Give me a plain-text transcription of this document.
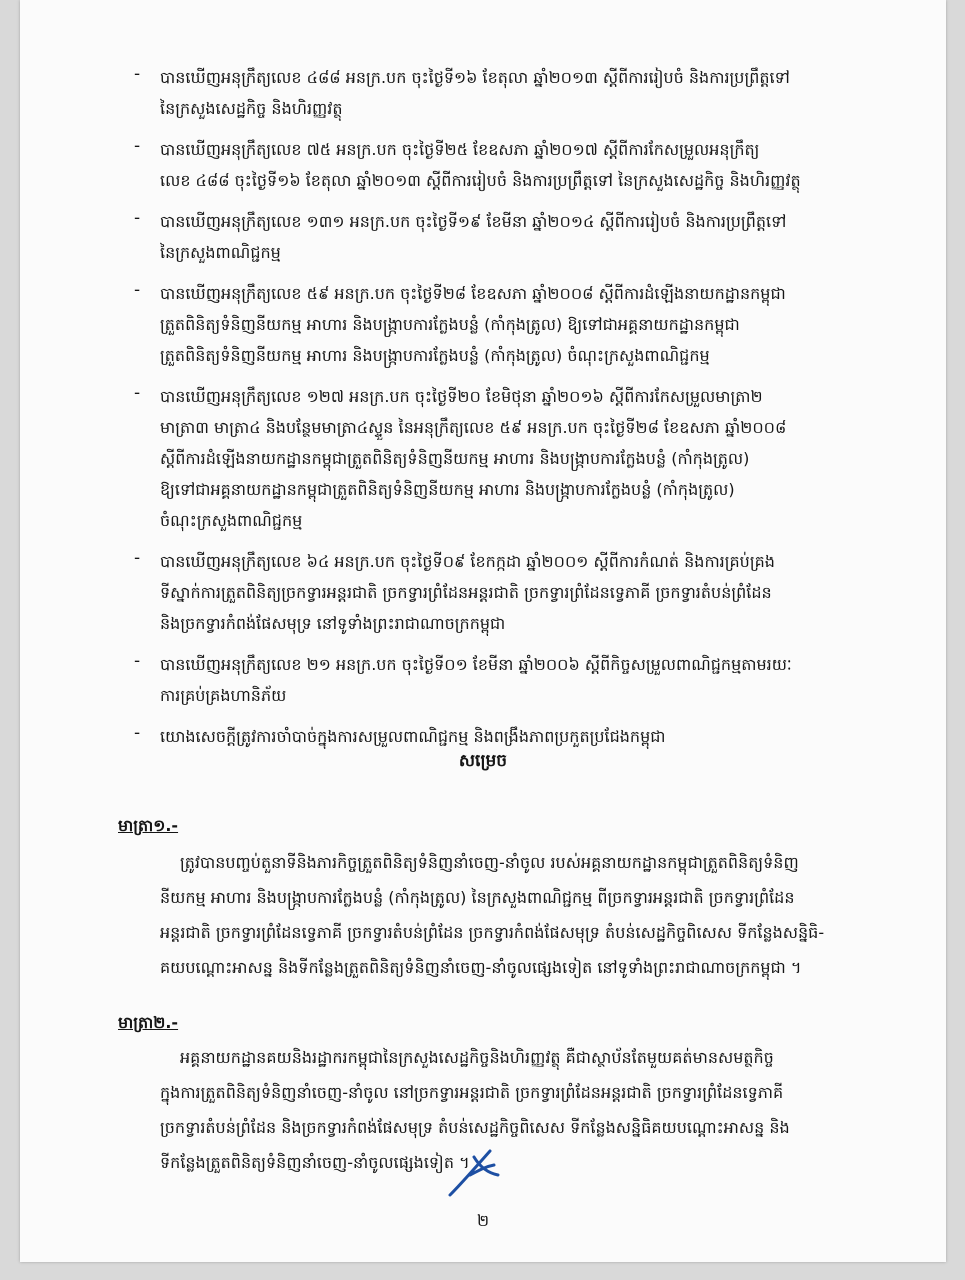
- បានឃើញអនុក្រឹត្យលេខ ៤៨៨ អនក្រ.បក ចុះថ្ងៃទី១៦ ខែតុលា ឆ្នាំ២០១៣ ស្ដីពីការរៀបចំ និងការប្រព្រឹត្តទៅ
នៃក្រសួងសេដ្ឋកិច្ច និងហិរញ្ញវត្ថុ
- បានឃើញអនុក្រឹត្យលេខ ៧៥ អនក្រ.បក ចុះថ្ងៃទី២៥ ខែឧសភា ឆ្នាំ២០១៧ ស្ដីពីការកែសម្រួលអនុក្រឹត្យ
លេខ ៤៨៨ ចុះថ្ងៃទី១៦ ខែតុលា ឆ្នាំ២០១៣ ស្ដីពីការរៀបចំ និងការប្រព្រឹត្តទៅ នៃក្រសួងសេដ្ឋកិច្ច និងហិរញ្ញវត្ថុ
- បានឃើញអនុក្រឹត្យលេខ ១៣១ អនក្រ.បក ចុះថ្ងៃទី១៩ ខែមីនា ឆ្នាំ២០១៤ ស្ដីពីការរៀបចំ និងការប្រព្រឹត្តទៅ
នៃក្រសួងពាណិជ្ជកម្ម
- បានឃើញអនុក្រឹត្យលេខ ៥៩ អនក្រ.បក ចុះថ្ងៃទី២៨ ខែឧសភា ឆ្នាំ២០០៨ ស្ដីពីការដំឡើងនាយកដ្ឋានកម្ពុជា
ត្រួតពិនិត្យទំនិញនីយកម្ម អាហារ និងបង្ក្រាបការក្លែងបន្លំ (កាំកុងត្រូល) ឱ្យទៅជាអគ្គនាយកដ្ឋានកម្ពុជា
ត្រួតពិនិត្យទំនិញនីយកម្ម អាហារ និងបង្ក្រាបការក្លែងបន្លំ (កាំកុងត្រូល) ចំណុះក្រសួងពាណិជ្ជកម្ម
- បានឃើញអនុក្រឹត្យលេខ ១២៧ អនក្រ.បក ចុះថ្ងៃទី២០ ខែមិថុនា ឆ្នាំ២០១៦ ស្ដីពីការកែសម្រួលមាត្រា២
មាត្រា៣ មាត្រា៤ និងបន្ថែមមាត្រា៤ស្ទួន នៃអនុក្រឹត្យលេខ ៥៩ អនក្រ.បក ចុះថ្ងៃទី២៨ ខែឧសភា ឆ្នាំ២០០៨
ស្ដីពីការដំឡើងនាយកដ្ឋានកម្ពុជាត្រួតពិនិត្យទំនិញនីយកម្ម អាហារ និងបង្ក្រាបការក្លែងបន្លំ (កាំកុងត្រូល)
ឱ្យទៅជាអគ្គនាយកដ្ឋានកម្ពុជាត្រួតពិនិត្យទំនិញនីយកម្ម អាហារ និងបង្ក្រាបការក្លែងបន្លំ (កាំកុងត្រូល)
ចំណុះក្រសួងពាណិជ្ជកម្ម
- បានឃើញអនុក្រឹត្យលេខ ៦៤ អនក្រ.បក ចុះថ្ងៃទី០៩ ខែកក្កដា ឆ្នាំ២០០១ ស្ដីពីការកំណត់ និងការគ្រប់គ្រង
ទីស្នាក់ការត្រួតពិនិត្យច្រកទ្វារអន្តរជាតិ ច្រកទ្វារព្រំដែនអន្តរជាតិ ច្រកទ្វារព្រំដែនទ្វេភាគី ច្រកទ្វារតំបន់ព្រំដែន
និងច្រកទ្វារកំពង់ផែសមុទ្រ នៅទូទាំងព្រះរាជាណាចក្រកម្ពុជា
- បានឃើញអនុក្រឹត្យលេខ ២១ អនក្រ.បក ចុះថ្ងៃទី០១ ខែមីនា ឆ្នាំ២០០៦ ស្ដីពីកិច្ចសម្រួលពាណិជ្ជកម្មតាមរយៈ
ការគ្រប់គ្រងហានិភ័យ
- យោងសេចក្ដីត្រូវការចាំបាច់ក្នុងការសម្រួលពាណិជ្ជកម្ម និងពង្រឹងភាពប្រកួតប្រជែងកម្ពុជា
សម្រេច
មាត្រា១.-
ត្រូវបានបញ្ចប់តួនាទីនិងភារកិច្ចត្រួតពិនិត្យទំនិញនាំចេញ-នាំចូល របស់អគ្គនាយកដ្ឋានកម្ពុជាត្រួតពិនិត្យទំនិញ
នីយកម្ម អាហារ និងបង្ក្រាបការក្លែងបន្លំ (កាំកុងត្រូល) នៃក្រសួងពាណិជ្ជកម្ម ពីច្រកទ្វារអន្តរជាតិ ច្រកទ្វារព្រំដែន
អន្តរជាតិ ច្រកទ្វារព្រំដែនទ្វេភាគី ច្រកទ្វារតំបន់ព្រំដែន ច្រកទ្វារកំពង់ផែសមុទ្រ តំបន់សេដ្ឋកិច្ចពិសេស ទីកន្លែងសន្និធិ-
គយបណ្ដោះអាសន្ន និងទីកន្លែងត្រួតពិនិត្យទំនិញនាំចេញ-នាំចូលផ្សេងទៀត នៅទូទាំងព្រះរាជាណាចក្រកម្ពុជា ។
មាត្រា២.-
អគ្គនាយកដ្ឋានគយនិងរដ្ឋាករកម្ពុជានៃក្រសួងសេដ្ឋកិច្ចនិងហិរញ្ញវត្ថុ គឺជាស្ថាប័នតែមួយគត់មានសមត្ថកិច្ច
ក្នុងការត្រួតពិនិត្យទំនិញនាំចេញ-នាំចូល នៅច្រកទ្វារអន្តរជាតិ ច្រកទ្វារព្រំដែនអន្តរជាតិ ច្រកទ្វារព្រំដែនទ្វេភាគី
ច្រកទ្វារតំបន់ព្រំដែន និងច្រកទ្វារកំពង់ផែសមុទ្រ តំបន់សេដ្ឋកិច្ចពិសេស ទីកន្លែងសន្និធិគយបណ្ដោះអាសន្ន និង
ទីកន្លែងត្រួតពិនិត្យទំនិញនាំចេញ-នាំចូលផ្សេងទៀត ។
២
